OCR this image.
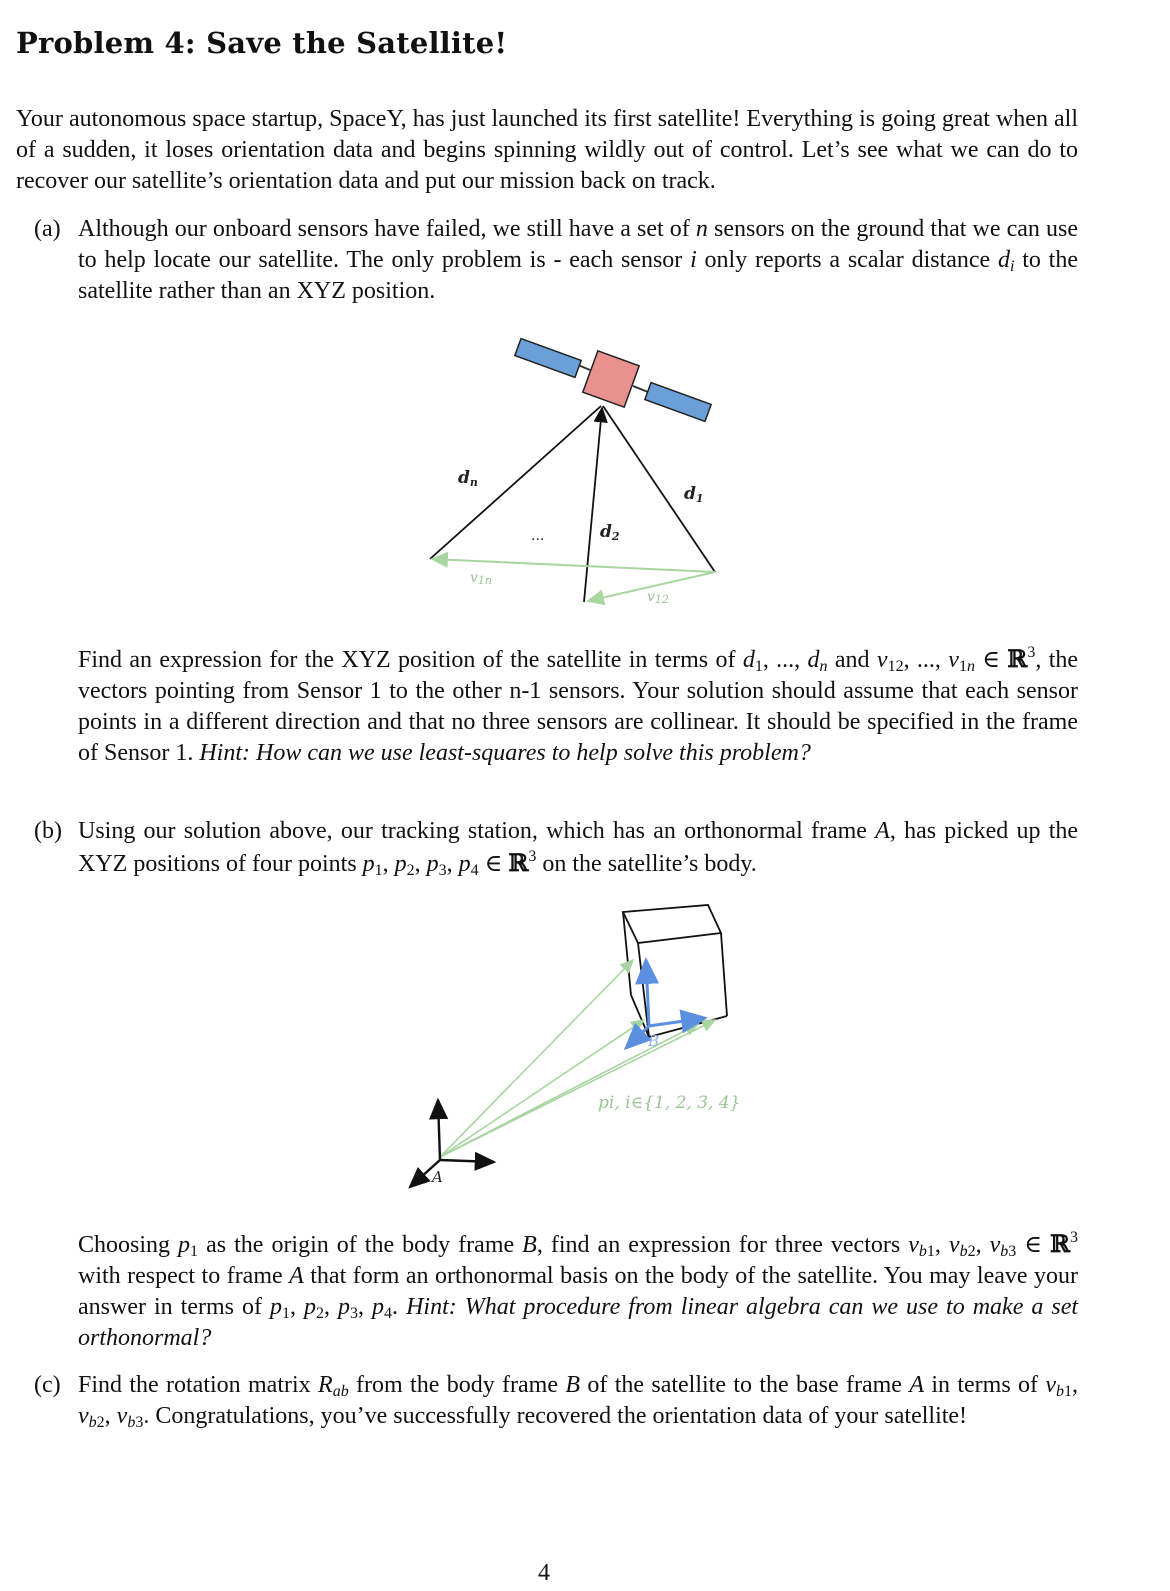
Problem 4: Save the Satellite!

Your autonomous space startup, SpaceY, has just launched its first satellite! Everything is going great when all of a sudden, it loses orientation data and begins spinning wildly out of control. Let’s see what we can do to recover our satellite’s orientation data and put our mission back on track.

(a) Although our onboard sensors have failed, we still have a set of n sensors on the ground that we can use to help locate our satellite. The only problem is - each sensor i only reports a scalar distance $d_i$ to the satellite rather than an XYZ position.
Find an expression for the XYZ position of the satellite in terms of $d_1$, ..., $d_n$ and $v_{12}$, ..., $v_{1n}$ ∈ ℝ$^3$, the vectors pointing from Sensor 1 to the other n-1 sensors. Your solution should assume that each sensor points in a different direction and that no three sensors are collinear. It should be specified in the frame of Sensor 1. Hint: How can we use least-squares to help solve this problem?
(b) Using our solution above, our tracking station, which has an orthonormal frame A, has picked up the XYZ positions of four points $p_1$, $p_2$, $p_3$, $p_4$ ∈ ℝ$^3$ on the satellite’s body.
Choosing $p_1$ as the origin of the body frame B, find an expression for three vectors $v_{b1}$, $v_{b2}$, $v_{b3}$ ∈ ℝ$^3$ with respect to frame A that form an orthonormal basis on the body of the satellite. You may leave your answer in terms of $p_1$, $p_2$, $p_3$, $p_4$. Hint: What procedure from linear algebra can we use to make a set orthonormal?
(c) Find the rotation matrix $R_{ab}$ from the body frame B of the satellite to the base frame A in terms of $v_{b1}$, $v_{b2}$, $v_{b3}$. Congratulations, you’ve successfully recovered the orientation data of your satellite!
dn
d1
d2
...
v1n
v12
B
A
pi, i∈{1, 2, 3, 4}
4
